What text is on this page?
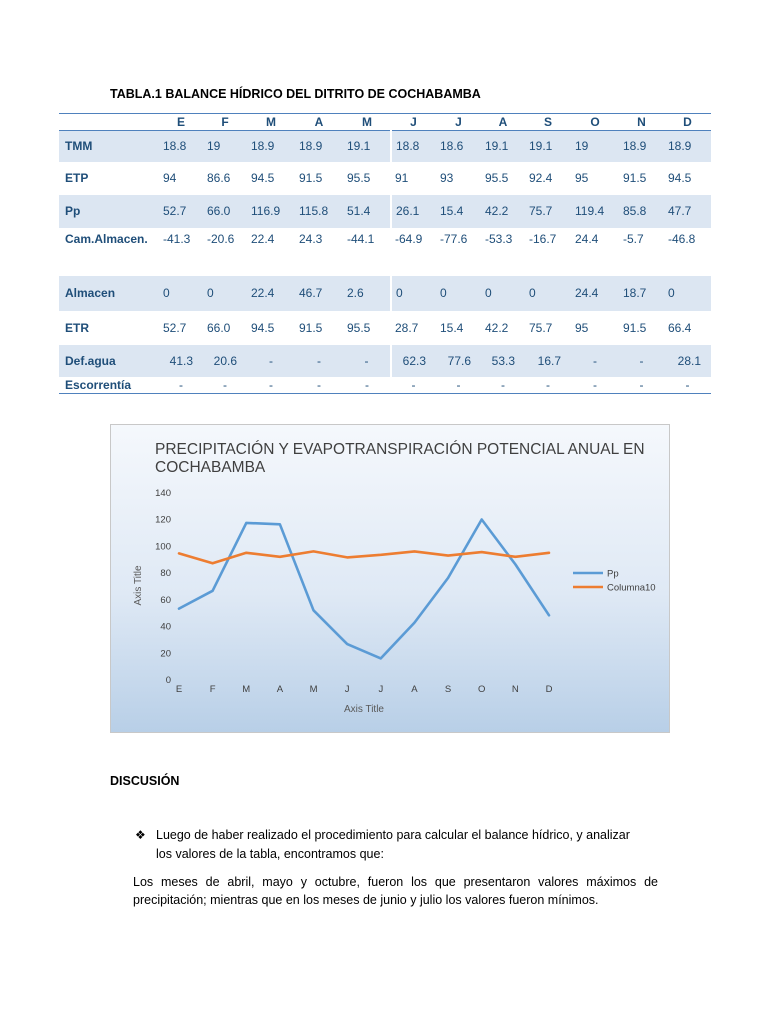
TABLA.1 BALANCE HÍDRICO DEL DITRITO DE COCHABAMBA
	E	F	M	A	M	J	J	A	S	O	N	D
TMM	18.8	19	18.9	18.9	19.1	18.8	18.6	19.1	19.1	19	18.9	18.9
ETP	94	86.6	94.5	91.5	95.5	91	93	95.5	92.4	95	91.5	94.5
Pp	52.7	66.0	116.9	115.8	51.4	26.1	15.4	42.2	75.7	119.4	85.8	47.7
Cam.Almacen.	-41.3	-20.6	22.4	24.3	-44.1	-64.9	-77.6	-53.3	-16.7	24.4	-5.7	-46.8
Almacen	0	0	22.4	46.7	2.6	0	0	0	0	24.4	18.7	0
ETR	52.7	66.0	94.5	91.5	95.5	28.7	15.4	42.2	75.7	95	91.5	66.4
Def.agua	41.3	20.6	-	-	-	62.3	77.6	53.3	16.7	-	-	28.1
Escorrentía	-	-	-	-	-	-	-	-	-	-	-	-
PRECIPITACIÓN Y EVAPOTRANSPIRACIÓN POTENCIAL ANUAL EN
COCHABAMBA
0
20
40
60
80
100
120
140
E	F	M	A	M	J	J	A	S	O	N	D
Axis Title
Axis Title	Pp
Columna10
DISCUSIÓN
❖ Luego de haber realizado el procedimiento para calcular el balance hídrico, y analizar
los valores de la tabla, encontramos que:
Los meses de abril, mayo y octubre, fueron los que presentaron valores máximos de precipitación; mientras que en los meses de junio y julio los valores fueron mínimos.
